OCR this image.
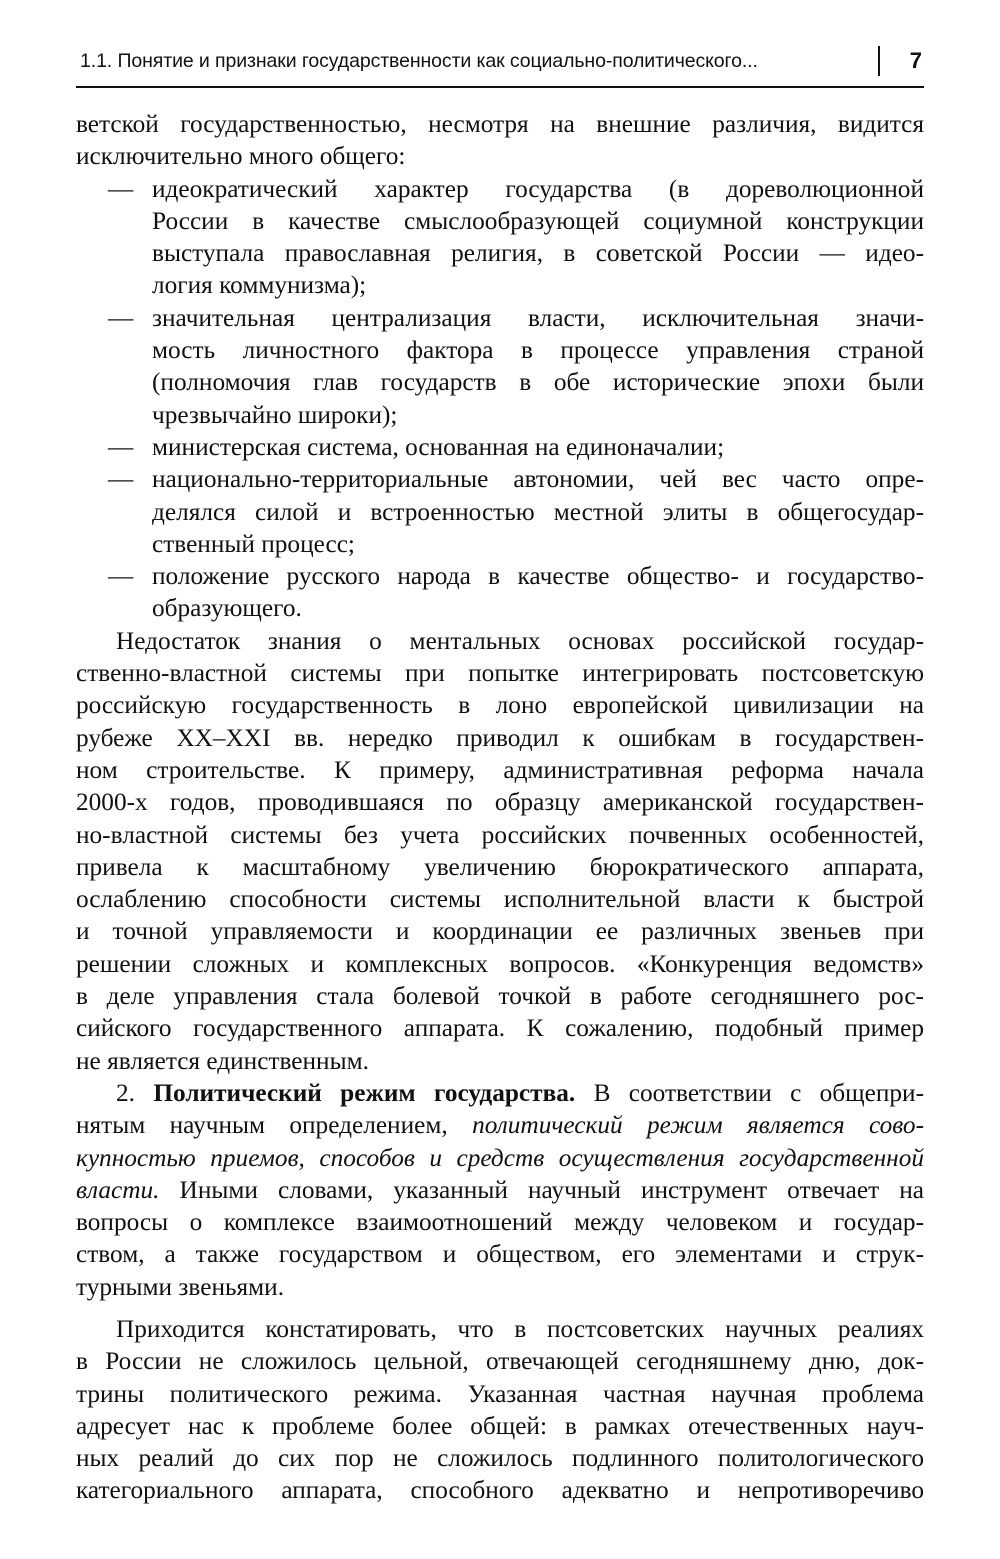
1.1. Понятие и признаки государственности как социально-политического...	7
ветской государственностью, несмотря на внешние различия, видится
исключительно много общего:
— идеократический характер государства (в дореволюционной
России в качестве смыслообразующей социумной конструкции
выступала православная религия, в советской России — идео-
логия коммунизма);
— значительная централизация власти, исключительная значи-
мость личностного фактора в процессе управления страной
(полномочия глав государств в обе исторические эпохи были
чрезвычайно широки);
— министерская система, основанная на единоначалии;
— национально-территориальные автономии, чей вес часто опре-
делялся силой и встроенностью местной элиты в общегосудар-
ственный процесс;
— положение русского народа в качестве общество- и государство-
образующего.
Недостаток знания о ментальных основах российской государ-
ственно-властной системы при попытке интегрировать постсоветскую
российскую государственность в лоно европейской цивилизации на
рубеже XX–XXI вв. нередко приводил к ошибкам в государствен-
ном строительстве. К примеру, административная реформа начала
2000-х годов, проводившаяся по образцу американской государствен-
но-властной системы без учета российских почвенных особенностей,
привела к масштабному увеличению бюрократического аппарата,
ослаблению способности системы исполнительной власти к быстрой
и точной управляемости и координации ее различных звеньев при
решении сложных и комплексных вопросов. «Конкуренция ведомств»
в деле управления стала болевой точкой в работе сегодняшнего рос-
сийского государственного аппарата. К сожалению, подобный пример
не является единственным.
2. Политический режим государства. В соответствии с общепри-
нятым научным определением, политический режим является сово-
купностью приемов, способов и средств осуществления государственной
власти. Иными словами, указанный научный инструмент отвечает на
вопросы о комплексе взаимоотношений между человеком и государ-
ством, а также государством и обществом, его элементами и струк-
турными звеньями.
Приходится констатировать, что в постсоветских научных реалиях
в России не сложилось цельной, отвечающей сегодняшнему дню, док-
трины политического режима. Указанная частная научная проблема
адресует нас к проблеме более общей: в рамках отечественных науч-
ных реалий до сих пор не сложилось подлинного политологического
категориального аппарата, способного адекватно и непротиворечиво
